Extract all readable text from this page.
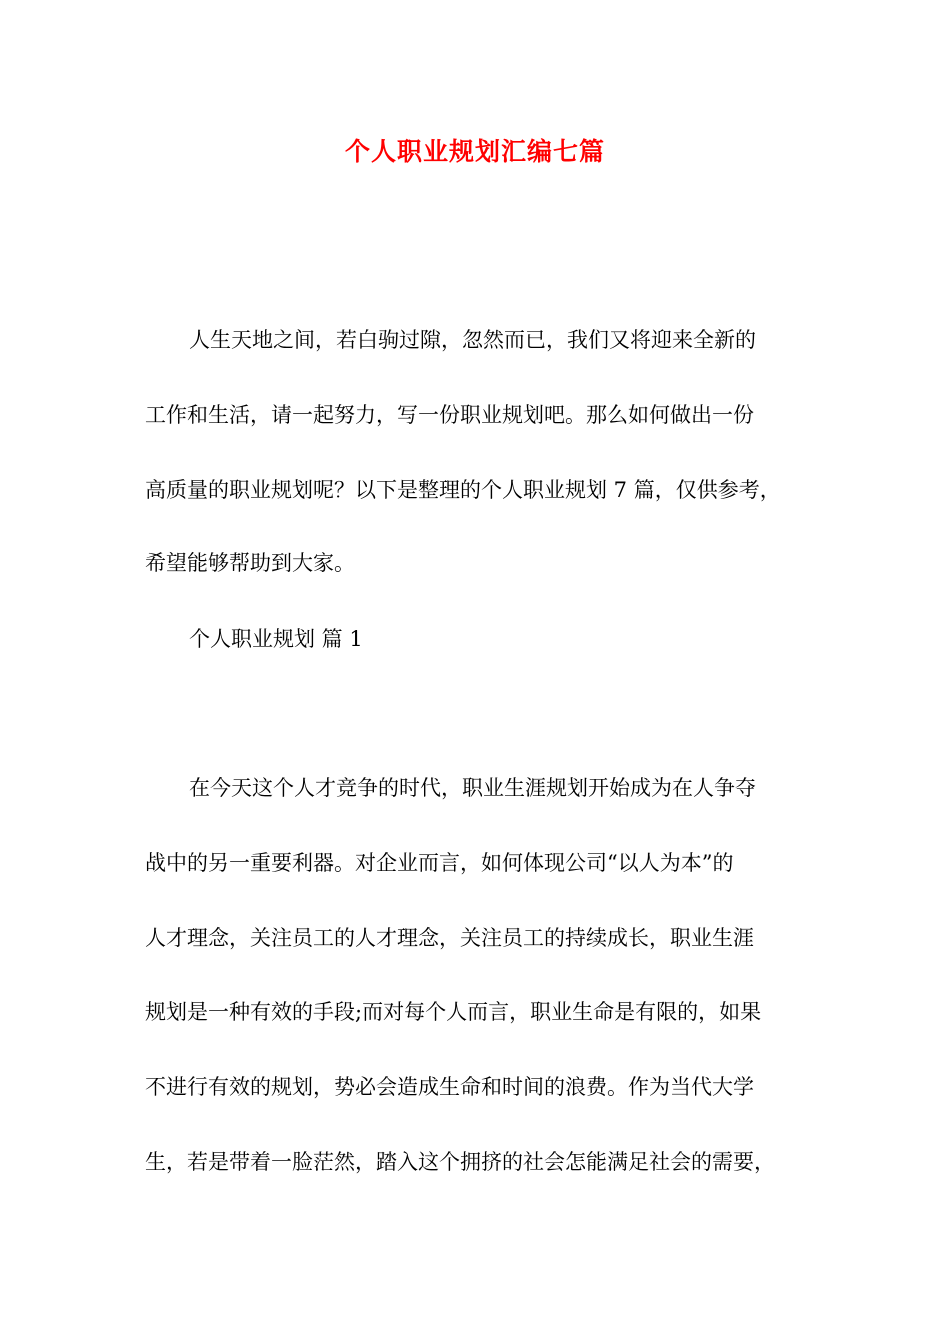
个人职业规划汇编七篇

人生天地之间，若白驹过隙，忽然而已，我们又将迎来全新的

工作和生活，请一起努力，写一份职业规划吧。那么如何做出一份

高质量的职业规划呢？以下是整理的个人职业规划 7 篇，仅供参考，

希望能够帮助到大家。

个人职业规划 篇 1

在今天这个人才竞争的时代，职业生涯规划开始成为在人争夺

战中的另一重要利器。对企业而言，如何体现公司“以人为本”的

人才理念，关注员工的人才理念，关注员工的持续成长，职业生涯

规划是一种有效的手段;而对每个人而言，职业生命是有限的，如果

不进行有效的规划，势必会造成生命和时间的浪费。作为当代大学

生，若是带着一脸茫然，踏入这个拥挤的社会怎能满足社会的需要，
